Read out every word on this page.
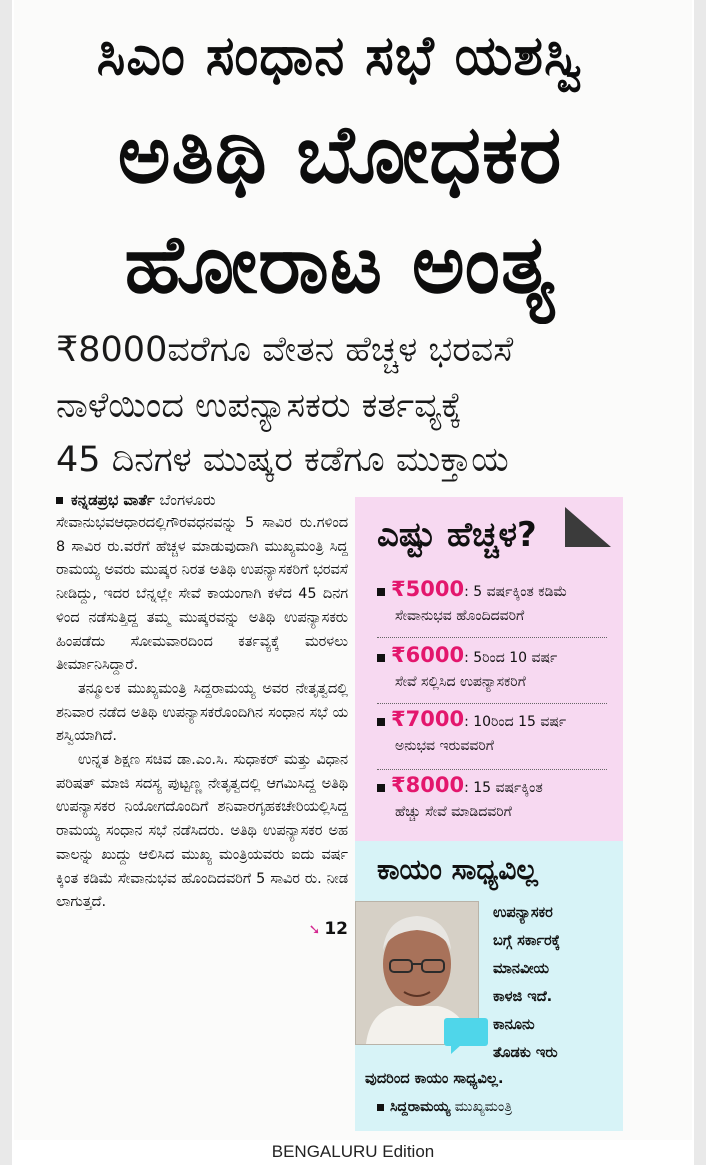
ಸಿಎಂ ಸಂಧಾನ ಸಭೆ ಯಶಸ್ವಿ
ಅತಿಥಿ ಬೋಧಕರ
ಹೋರಾಟ ಅಂತ್ಯ
₹8000ವರೆಗೂ ವೇತನ ಹೆಚ್ಚಳ ಭರವಸೆ
ನಾಳೆಯಿಂದ ಉಪನ್ಯಾಸಕರು ಕರ್ತವ್ಯಕ್ಕೆ
45 ದಿನಗಳ ಮುಷ್ಕರ ಕಡೆಗೂ ಮುಕ್ತಾಯ
ಕನ್ನಡಪ್ರಭ ವಾರ್ತೆ ಬೆಂಗಳೂರು

ಸೇವಾನುಭವಆಧಾರದಲ್ಲಿಗೌರವಧನವನ್ನು 5 ಸಾವಿರ ರು.ಗಳಿಂದ 8 ಸಾವಿರ ರು.ವರೆಗೆ ಹೆಚ್ಚಳ ಮಾಡುವುದಾಗಿ ಮುಖ್ಯಮಂತ್ರಿ ಸಿದ್ದರಾಮಯ್ಯ ಅವರು ಮುಷ್ಕರ ನಿರತ ಅತಿಥಿ ಉಪನ್ಯಾಸಕರಿಗೆ ಭರವಸೆ ನೀಡಿದ್ದು, ಇದರ ಬೆನ್ನಲ್ಲೇ ಸೇವೆ ಕಾಯಂಗಾಗಿ ಕಳೆದ 45 ದಿನಗಳಿಂದ ನಡೆಸುತ್ತಿದ್ದ ತಮ್ಮ ಮುಷ್ಕರವನ್ನು ಅತಿಥಿ ಉಪನ್ಯಾಸಕರು ಹಿಂಪಡೆದು ಸೋಮವಾರದಿಂದ ಕರ್ತವ್ಯಕ್ಕೆ ಮರಳಲು ತೀರ್ಮಾನಿಸಿದ್ದಾರೆ.

ತನ್ಮೂಲಕ ಮುಖ್ಯಮಂತ್ರಿ ಸಿದ್ದರಾಮಯ್ಯ ಅವರ ನೇತೃತ್ವದಲ್ಲಿ ಶನಿವಾರ ನಡೆದ ಅತಿಥಿ ಉಪನ್ಯಾಸಕರೊಂದಿಗಿನ ಸಂಧಾನ ಸಭೆ ಯಶಸ್ವಿಯಾಗಿದೆ.

ಉನ್ನತ ಶಿಕ್ಷಣ ಸಚಿವ ಡಾ.ಎಂ.ಸಿ. ಸುಧಾಕರ್ ಮತ್ತು ವಿಧಾನ ಪರಿಷತ್ ಮಾಜಿ ಸದಸ್ಯ ಪುಟ್ಟಣ್ಣ ನೇತೃತ್ವದಲ್ಲಿ ಆಗಮಿಸಿದ್ದ ಅತಿಥಿ ಉಪನ್ಯಾಸಕರ ನಿಯೋಗದೊಂದಿಗೆ ಶನಿವಾರಗೃಹಕಚೇರಿಯಲ್ಲಿಸಿದ್ದರಾಮಯ್ಯ ಸಂಧಾನ ಸಭೆ ನಡೆಸಿದರು. ಅತಿಥಿ ಉಪನ್ಯಾಸಕರ ಅಹವಾಲನ್ನು ಖುದ್ದು ಆಲಿಸಿದ ಮುಖ್ಯ ಮಂತ್ರಿಯವರು ಐದು ವರ್ಷಕ್ಕಿಂತ ಕಡಿಮೆ ಸೇವಾನುಭವ ಹೊಂದಿದವರಿಗೆ 5 ಸಾವಿರ ರು. ನೀಡಲಾಗುತ್ತದೆ.

➘ 12
ಎಷ್ಟು ಹೆಚ್ಚಳ?
₹5000: 5 ವರ್ಷಕ್ಕಿಂತ ಕಡಿಮೆ
ಸೇವಾನುಭವ ಹೊಂದಿದವರಿಗೆ
₹6000: 5ರಿಂದ 10 ವರ್ಷ
ಸೇವೆ ಸಲ್ಲಿಸಿದ ಉಪನ್ಯಾಸಕರಿಗೆ
₹7000: 10ರಿಂದ 15 ವರ್ಷ
ಅನುಭವ ಇರುವವರಿಗೆ
₹8000: 15 ವರ್ಷಕ್ಕಿಂತ
ಹೆಚ್ಚು ಸೇವೆ ಮಾಡಿದವರಿಗೆ
ಕಾಯಂ ಸಾಧ್ಯವಿಲ್ಲ
ಉಪನ್ಯಾಸಕರ
ಬಗ್ಗೆ ಸರ್ಕಾರಕ್ಕೆ
ಮಾನವೀಯ
ಕಾಳಜಿ ಇದೆ.
ಕಾನೂನು
ತೊಡಕು ಇರು
ವುದರಿಂದ ಕಾಯಂ ಸಾಧ್ಯವಿಲ್ಲ.
ಸಿದ್ದರಾಮಯ್ಯ ಮುಖ್ಯಮಂತ್ರಿ
BENGALURU Edition
